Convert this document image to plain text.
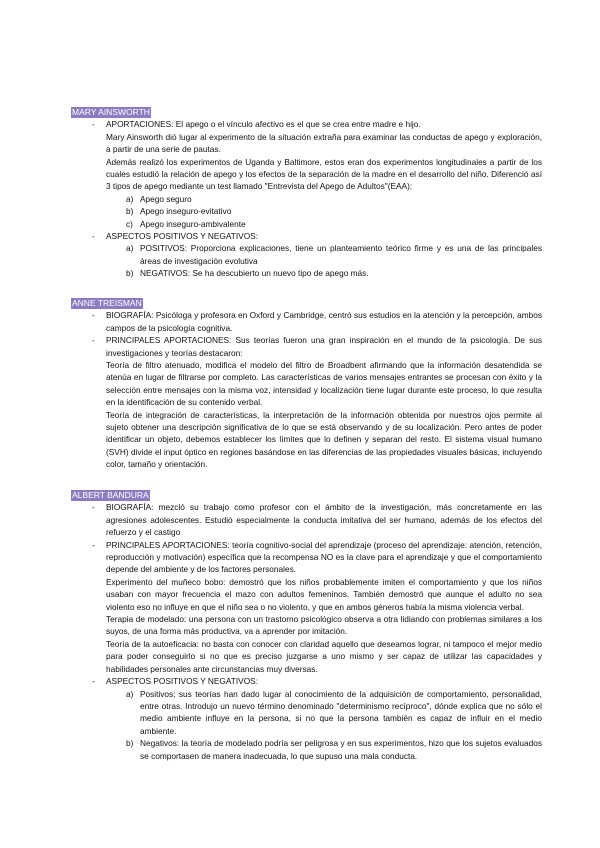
MARY AINSWORTH
- APORTACIONES: El apego o el vínculo afectivo es el que se crea entre madre e hijo.

Mary Ainsworth dió lugar al experimento de la situación extraña para examinar las conductas de apego y exploración, a partir de una serie de pautas.

Además realizó los experimentos de Uganda y Baltimore, estos eran dos experimentos longitudinales a partir de los cuales estudió la relación de apego y los efectos de la separación de la madre en el desarrollo del niño. Diferenció así 3 tipos de apego mediante un test llamado "Entrevista del Apego de Adultos"(EAA):

a) Apego seguro

b) Apego inseguro-evitativo

c) Apego inseguro-ambivalente

- ASPECTOS POSITIVOS Y NEGATIVOS:

a) POSITIVOS: Proporciona explicaciones, tiene un planteamiento teórico firme y es una de las principales áreas de investigación evolutiva

b) NEGATIVOS: Se ha descubierto un nuevo tipo de apego más.

ANNE TREISMAN
- BIOGRAFÍA: Psicóloga y profesora en Oxford y Cambridge, centró sus estudios en la atención y la percepción, ambos campos de la psicología cognitiva.

- PRINCIPALES APORTACIONES: Sus teorías fueron una gran inspiración en el mundo de la psicología. De sus investigaciones y teorías destacaron:

Teoría de filtro atenuado, modifica el modelo del filtro de Broadbent afirmando que la información desatendida se atenúa en lugar de filtrarse por completo. Las características de varios mensajes entrantes se procesan con éxito y la selección entre mensajes con la misma voz, intensidad y localización tiene lugar durante este proceso, lo que resulta en la identificación de su contenido verbal.

Teoría de integración de características, la interpretación de la información obtenida por nuestros ojos permite al sujeto obtener una descripción significativa de lo que se está observando y de su localización. Pero antes de poder identificar un objeto, debemos establecer los límites que lo definen y separan del resto. El sistema visual humano (SVH) divide el input óptico en regiones basándose en las diferencias de las propiedades visuales básicas, incluyendo color, tamaño y orientación.

ALBERT BANDURA
- BIOGRAFÍA: mezcló su trabajo como profesor con el ámbito de la investigación, más concretamente en las agresiones adolescentes. Estudió especialmente la conducta imitativa del ser humano, además de los efectos del refuerzo y el castigo

- PRINCIPALES APORTACIONES: teoría cognitivo-social del aprendizaje (proceso del aprendizaje: atención, retención, reproducción y motivación) específica que la recompensa NO es la clave para el aprendizaje y que el comportamiento depende del ambiente y de los factores personales.

Experimento del muñeco bobo: demostró que los niños probablemente imiten el comportamiento y que los niños usaban con mayor frecuencia el mazo con adultos femeninos. También demostró que aunque el adulto no sea violento eso no influye en que el niño sea o no violento, y que en ambos géneros había la misma violencia verbal.

Terapia de modelado: una persona con un trastorno psicológico observa a otra lidiando con problemas similares a los suyos, de una forma más productiva, va a aprender por imitación.

Teoría de la autoeficacia: no basta con conocer con claridad aquello que deseamos lograr, ni tampoco el mejor medio para poder conseguirlo si no que es preciso juzgarse a uno mismo y ser capaz de utilizar las capacidades y habilidades personales ante circunstancias muy diversas.

- ASPECTOS POSITIVOS Y NEGATIVOS:

a) Positivos: sus teorías han dado lugar al conocimiento de la adquisición de comportamiento, personalidad, entre otras. Introdujo un nuevo término denominado "determinismo recíproco", dónde explica que no sólo el medio ambiente influye en la persona, si no que la persona también es capaz de influir en el medio ambiente.

b) Negativos: la teoría de modelado podría ser peligrosa y en sus experimentos, hizo que los sujetos evaluados se comportasen de manera inadecuada, lo que supuso una mala conducta.
